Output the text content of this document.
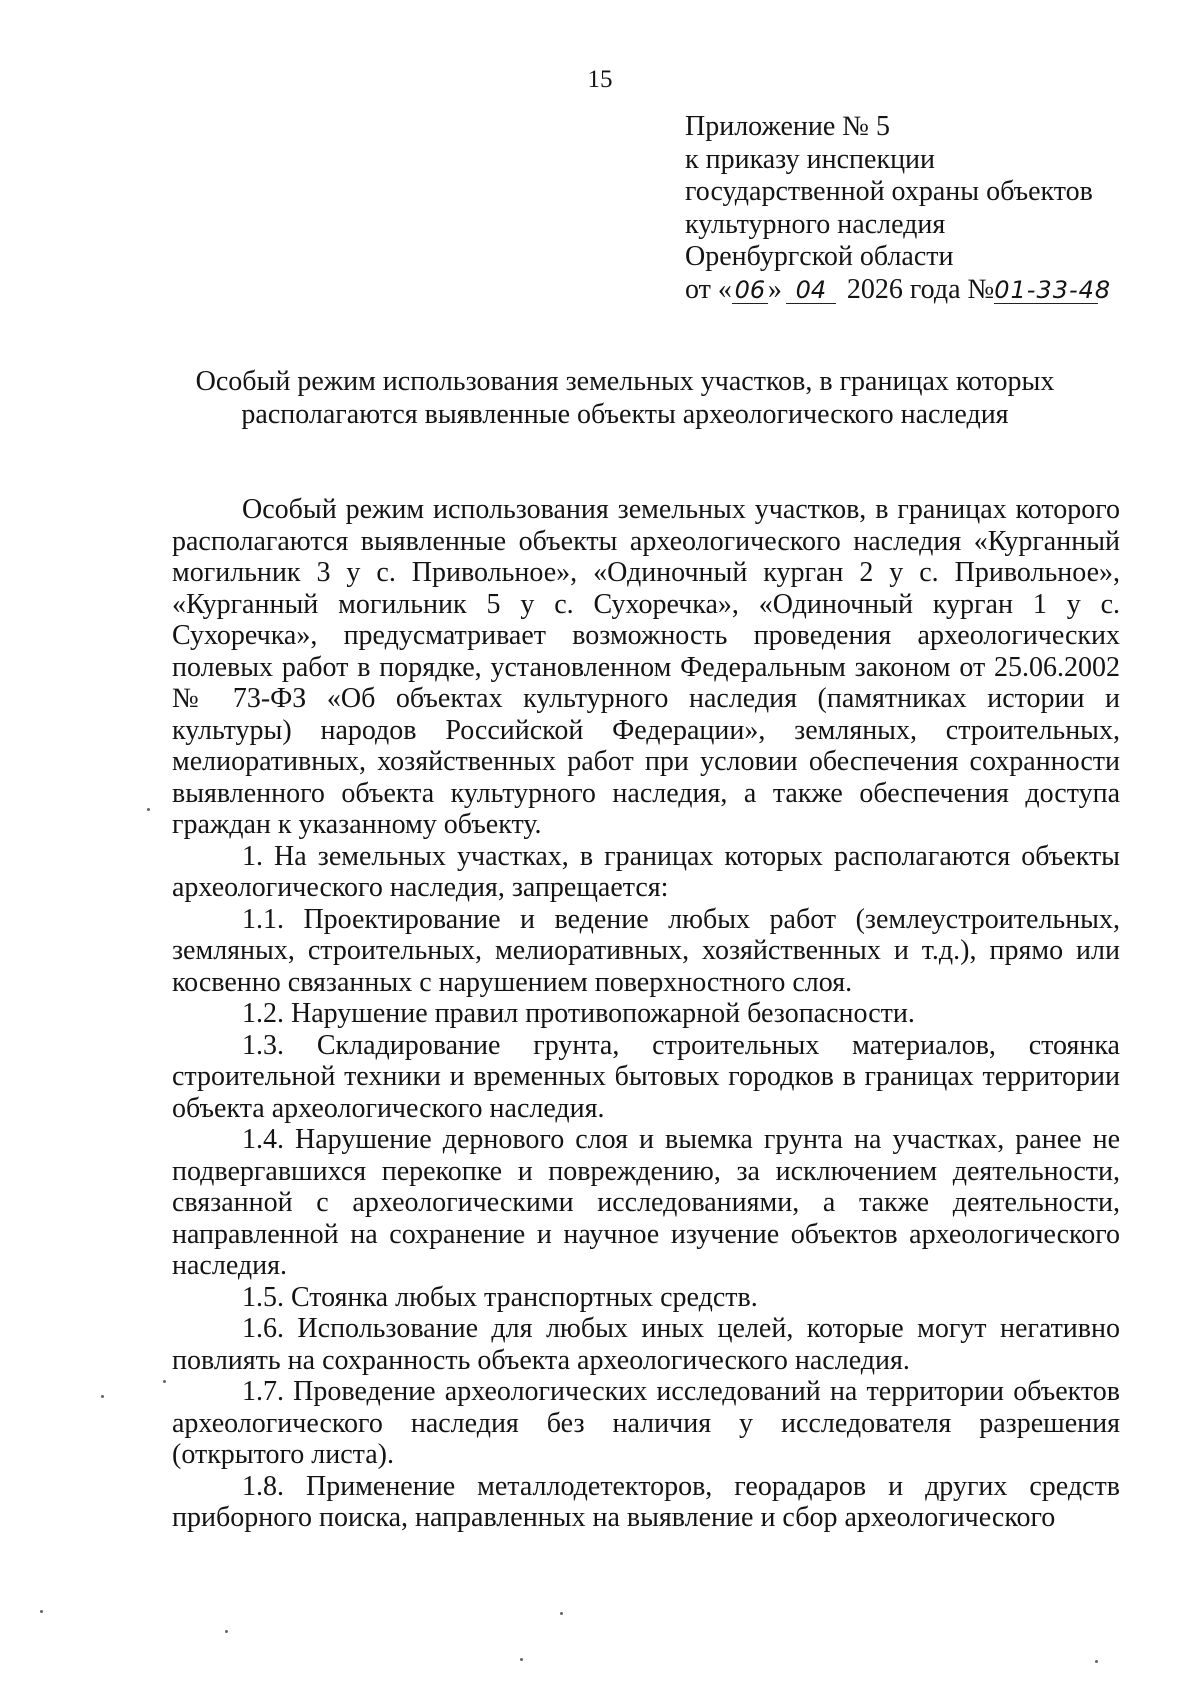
15
Приложение № 5
к приказу инспекции
государственной охраны объектов
культурного наследия
Оренбургской области
от « 06» 04 2026 года №01-33-48
Особый режим использования земельных участков, в границах которых располагаются выявленные объекты археологического наследия

Особый режим использования земельных участков, в границах которого располагаются выявленные объекты археологического наследия «Курганный могильник 3 у с. Привольное», «Одиночный курган 2 у с. Привольное», «Курганный могильник 5 у с. Сухоречка», «Одиночный курган 1 у с. Сухоречка», предусматривает возможность проведения археологических полевых работ в порядке, установленном Федеральным законом от 25.06.2002 № 73-ФЗ «Об объектах культурного наследия (памятниках истории и культуры) народов Российской Федерации», земляных, строительных, мелиоративных, хозяйственных работ при условии обеспечения сохранности выявленного объекта культурного наследия, а также обеспечения доступа граждан к указанному объекту.

1. На земельных участках, в границах которых располагаются объекты археологического наследия, запрещается:

1.1. Проектирование и ведение любых работ (землеустроительных, земляных, строительных, мелиоративных, хозяйственных и т.д.), прямо или косвенно связанных с нарушением поверхностного слоя.

1.2. Нарушение правил противопожарной безопасности.

1.3. Складирование грунта, строительных материалов, стоянка строительной техники и временных бытовых городков в границах территории объекта археологического наследия.

1.4. Нарушение дернового слоя и выемка грунта на участках, ранее не подвергавшихся перекопке и повреждению, за исключением деятельности, связанной с археологическими исследованиями, а также деятельности, направленной на сохранение и научное изучение объектов археологического наследия.

1.5. Стоянка любых транспортных средств.

1.6. Использование для любых иных целей, которые могут негативно повлиять на сохранность объекта археологического наследия.

1.7. Проведение археологических исследований на территории объектов археологического наследия без наличия у исследователя разрешения (открытого листа).

1.8. Применение металлодетекторов, георадаров и других средств приборного поиска, направленных на выявление и сбор археологического
